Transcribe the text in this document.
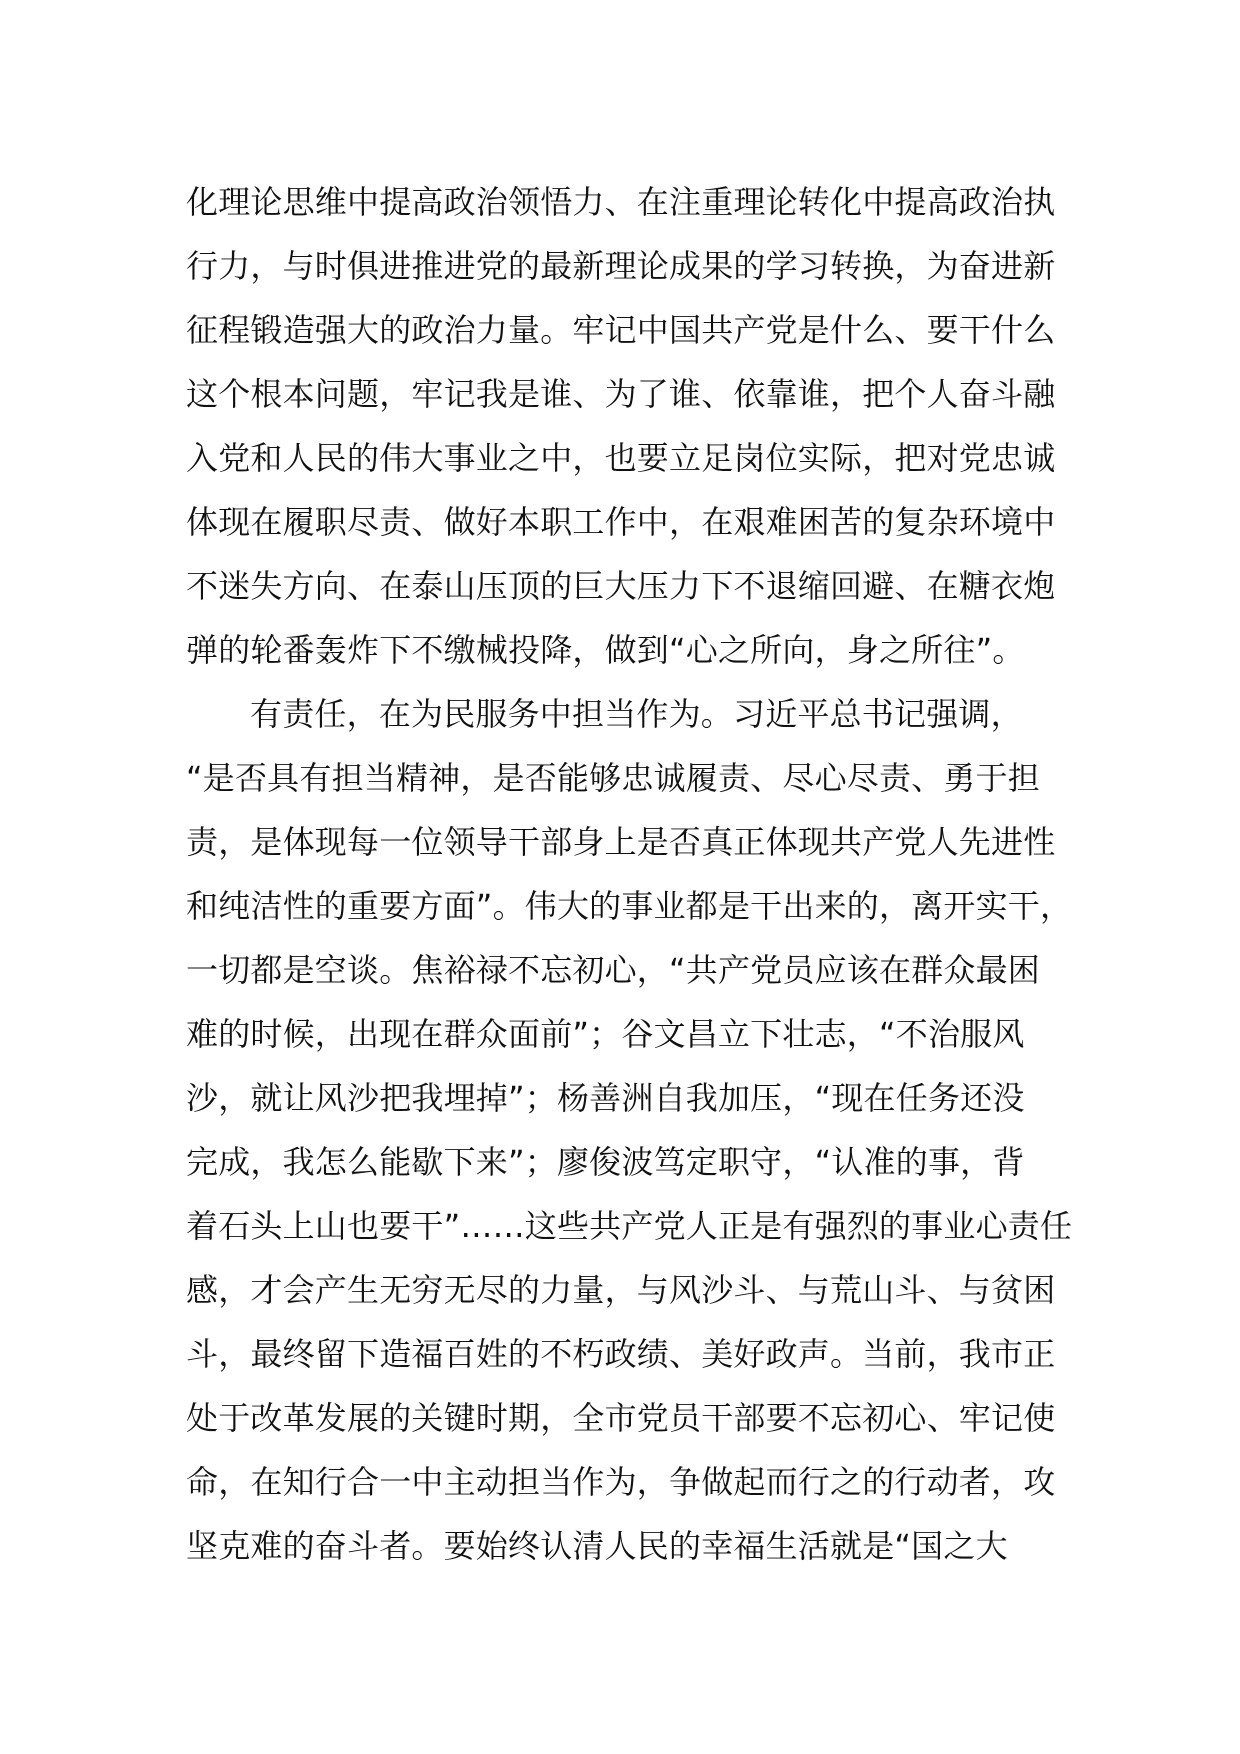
化理论思维中提高政治领悟力、在注重理论转化中提高政治执
行力，与时俱进推进党的最新理论成果的学习转换，为奋进新
征程锻造强大的政治力量。牢记中国共产党是什么、要干什么
这个根本问题，牢记我是谁、为了谁、依靠谁，把个人奋斗融
入党和人民的伟大事业之中，也要立足岗位实际，把对党忠诚
体现在履职尽责、做好本职工作中，在艰难困苦的复杂环境中
不迷失方向、在泰山压顶的巨大压力下不退缩回避、在糖衣炮
弹的轮番轰炸下不缴械投降，做到“心之所向，身之所往”。
有责任，在为民服务中担当作为。习近平总书记强调，
“是否具有担当精神，是否能够忠诚履责、尽心尽责、勇于担
责，是体现每一位领导干部身上是否真正体现共产党人先进性
和纯洁性的重要方面”。伟大的事业都是干出来的，离开实干，
一切都是空谈。焦裕禄不忘初心，“共产党员应该在群众最困
难的时候，出现在群众面前”；谷文昌立下壮志，“不治服风
沙，就让风沙把我埋掉”；杨善洲自我加压，“现在任务还没
完成，我怎么能歇下来”；廖俊波笃定职守，“认准的事，背
着石头上山也要干”……这些共产党人正是有强烈的事业心责任
感，才会产生无穷无尽的力量，与风沙斗、与荒山斗、与贫困
斗，最终留下造福百姓的不朽政绩、美好政声。当前，我市正
处于改革发展的关键时期，全市党员干部要不忘初心、牢记使
命，在知行合一中主动担当作为，争做起而行之的行动者，攻
坚克难的奋斗者。要始终认清人民的幸福生活就是“国之大
